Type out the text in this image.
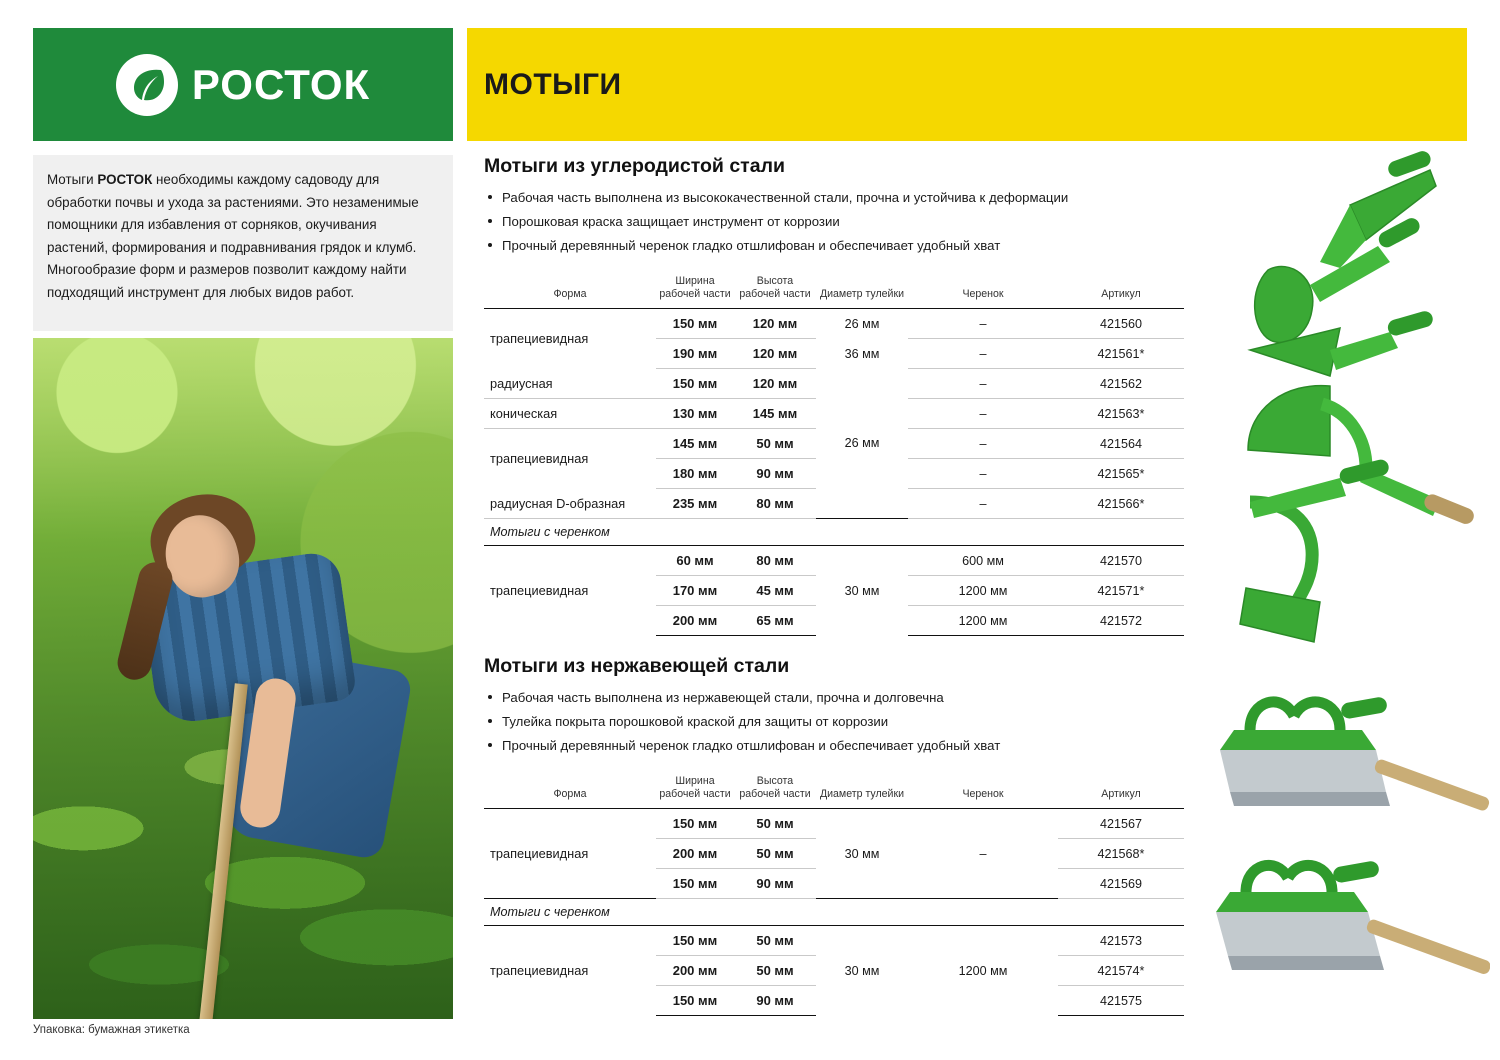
РОСТОК	МОТЫГИ

Мотыги РОСТОК необходимы каждому садоводу для обработки почвы и ухода за растениями. Это незаменимые помощники для избавления от сорняков, окучивания растений, формирования и подравнивания грядок и клумб. Многообразие форм и размеров позволит каждому найти подходящий инструмент для любых видов работ.

Упаковка: бумажная этикетка
Мотыги из углеродистой стали
Рабочая часть выполнена из высококачественной стали, прочна и устойчива к деформации
Порошковая краска защищает инструмент от коррозии
Прочный деревянный черенок гладко отшлифован и обеспечивает удобный хват
Форма	Ширина рабочей части	Высота рабочей части	Диаметр тулейки	Черенок	Артикул
трапециевидная	150 мм	120 мм	26 мм	–	421560
	190 мм	120 мм	36 мм	–	421561*
радиусная	150 мм	120 мм	26 мм	–	421562
коническая	130 мм	145 мм		–	421563*
трапециевидная	145 мм	50 мм		–	421564
	180 мм	90 мм		–	421565*
радиусная D-образная	235 мм	80 мм		–	421566*
Мотыги с черенком					
трапециевидная	60 мм	80 мм	30 мм	600 мм	421570
	170 мм	45 мм		1200 мм	421571*
	200 мм	65 мм		1200 мм	421572
Мотыги из нержавеющей стали
Рабочая часть выполнена из нержавеющей стали, прочна и долговечна
Тулейка покрыта порошковой краской для защиты от коррозии
Прочный деревянный черенок гладко отшлифован и обеспечивает удобный хват
Форма	Ширина рабочей части	Высота рабочей части	Диаметр тулейки	Черенок	Артикул
трапециевидная	150 мм	50 мм	30 мм	–	421567
	200 мм	50 мм			421568*
	150 мм	90 мм			421569
Мотыги с черенком					
трапециевидная	150 мм	50 мм	30 мм	1200 мм	421573
	200 мм	50 мм			421574*
	150 мм	90 мм			421575
